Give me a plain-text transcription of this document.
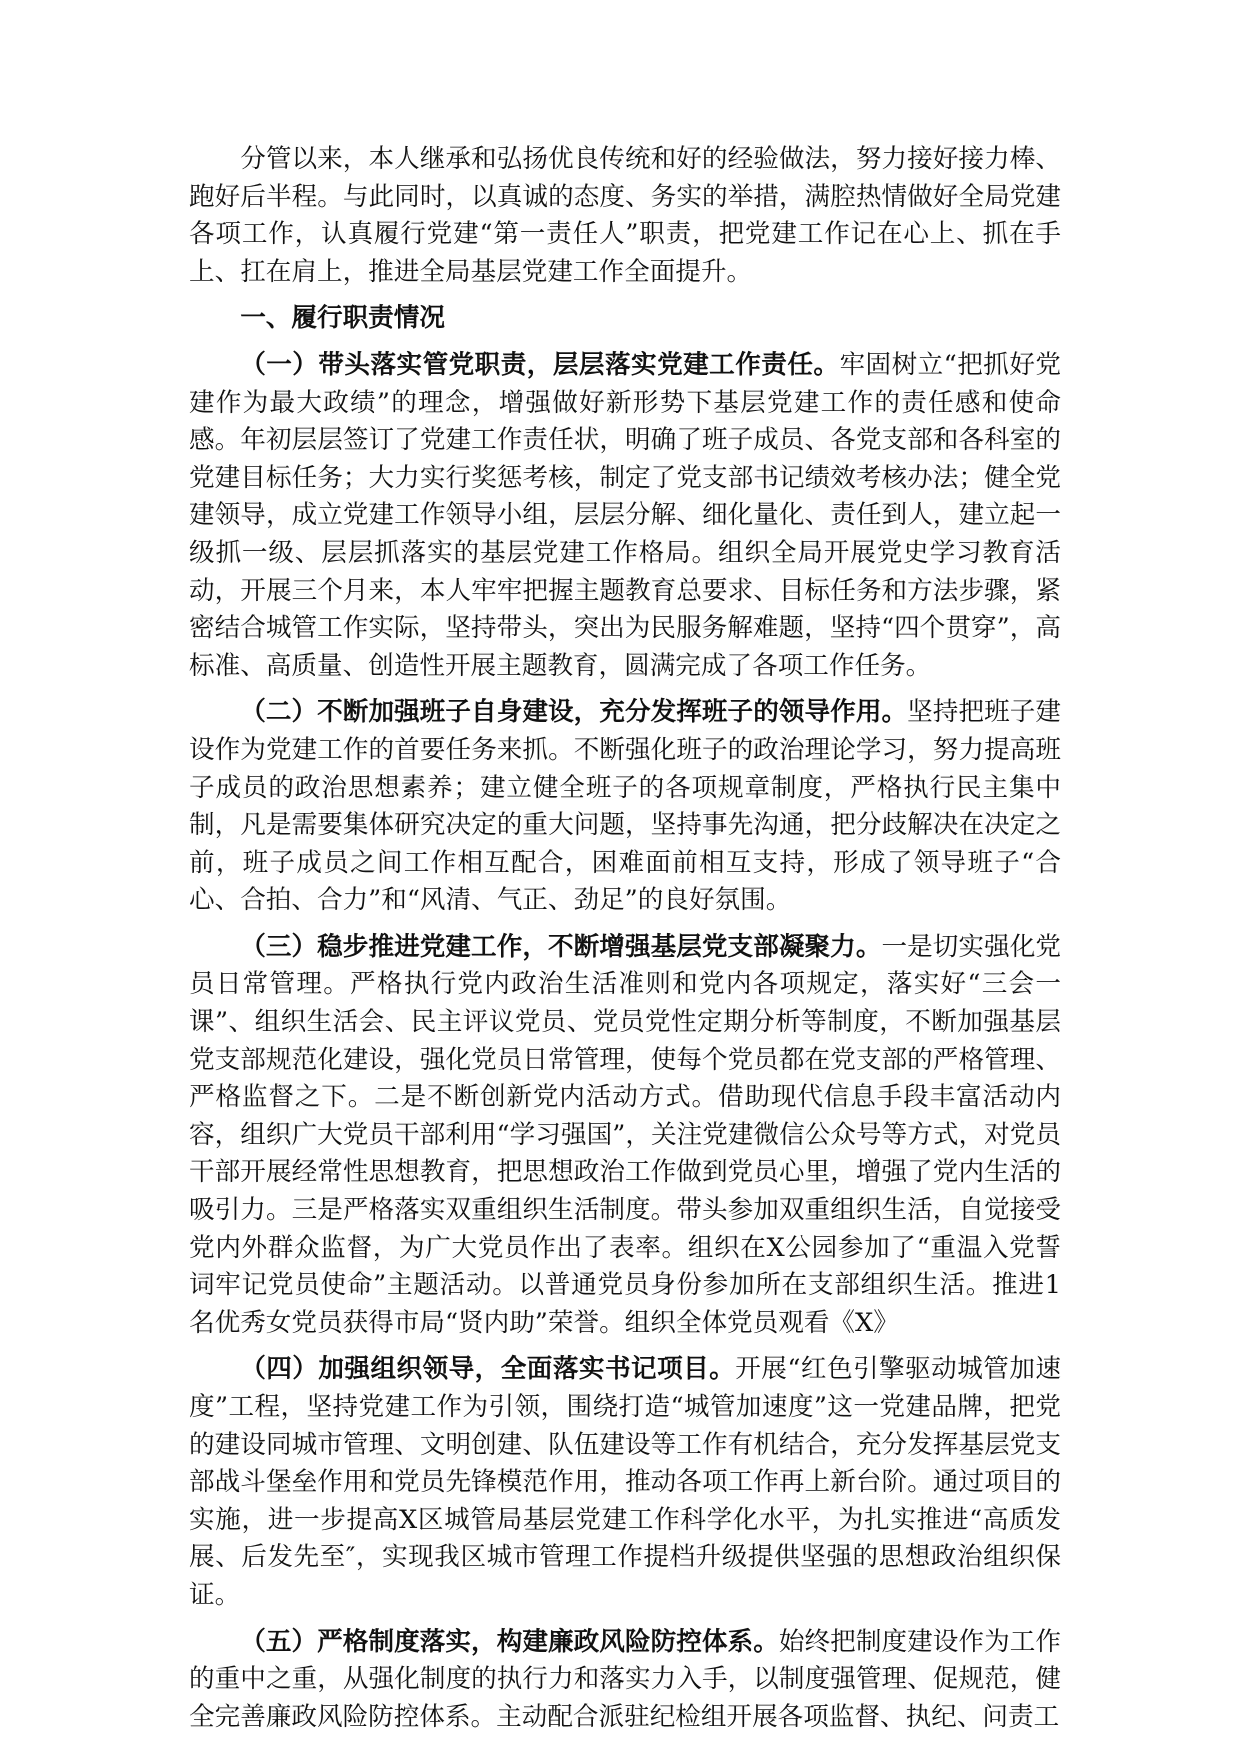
分管以来，本人继承和弘扬优良传统和好的经验做法，努力接好接力棒、跑好后半程。与此同时，以真诚的态度、务实的举措，满腔热情做好全局党建各项工作，认真履行党建“第一责任人”职责，把党建工作记在心上、抓在手上、扛在肩上，推进全局基层党建工作全面提升。

一、履行职责情况

（一）带头落实管党职责，层层落实党建工作责任。牢固树立“把抓好党建作为最大政绩”的理念，增强做好新形势下基层党建工作的责任感和使命感。年初层层签订了党建工作责任状，明确了班子成员、各党支部和各科室的党建目标任务；大力实行奖惩考核，制定了党支部书记绩效考核办法；健全党建领导，成立党建工作领导小组，层层分解、细化量化、责任到人，建立起一级抓一级、层层抓落实的基层党建工作格局。组织全局开展党史学习教育活动，开展三个月来，本人牢牢把握主题教育总要求、目标任务和方法步骤，紧密结合城管工作实际，坚持带头，突出为民服务解难题，坚持“四个贯穿”，高标准、高质量、创造性开展主题教育，圆满完成了各项工作任务。

（二）不断加强班子自身建设，充分发挥班子的领导作用。坚持把班子建设作为党建工作的首要任务来抓。不断强化班子的政治理论学习，努力提高班子成员的政治思想素养；建立健全班子的各项规章制度，严格执行民主集中制，凡是需要集体研究决定的重大问题，坚持事先沟通，把分歧解决在决定之前，班子成员之间工作相互配合，困难面前相互支持，形成了领导班子“合心、合拍、合力”和“风清、气正、劲足”的良好氛围。

（三）稳步推进党建工作，不断增强基层党支部凝聚力。一是切实强化党员日常管理。严格执行党内政治生活准则和党内各项规定，落实好“三会一课”、组织生活会、民主评议党员、党员党性定期分析等制度，不断加强基层党支部规范化建设，强化党员日常管理，使每个党员都在党支部的严格管理、严格监督之下。二是不断创新党内活动方式。借助现代信息手段丰富活动内容，组织广大党员干部利用“学习强国”，关注党建微信公众号等方式，对党员干部开展经常性思想教育，把思想政治工作做到党员心里，增强了党内生活的吸引力。三是严格落实双重组织生活制度。带头参加双重组织生活，自觉接受党内外群众监督，为广大党员作出了表率。组织在X公园参加了“重温入党誓词牢记党员使命”主题活动。以普通党员身份参加所在支部组织生活。推进1名优秀女党员获得市局“贤内助”荣誉。组织全体党员观看《X》

（四）加强组织领导，全面落实书记项目。开展“红色引擎驱动城管加速度”工程，坚持党建工作为引领，围绕打造“城管加速度”这一党建品牌，把党的建设同城市管理、文明创建、队伍建设等工作有机结合，充分发挥基层党支部战斗堡垒作用和党员先锋模范作用，推动各项工作再上新台阶。通过项目的实施，进一步提高X区城管局基层党建工作科学化水平，为扎实推进“高质发展、后发先至″，实现我区城市管理工作提档升级提供坚强的思想政治组织保证。

（五）严格制度落实，构建廉政风险防控体系。始终把制度建设作为工作的重中之重，从强化制度的执行力和落实力入手，以制度强管理、促规范，健全完善廉政风险防控体系。主动配合派驻纪检组开展各项监督、执纪、问责工
